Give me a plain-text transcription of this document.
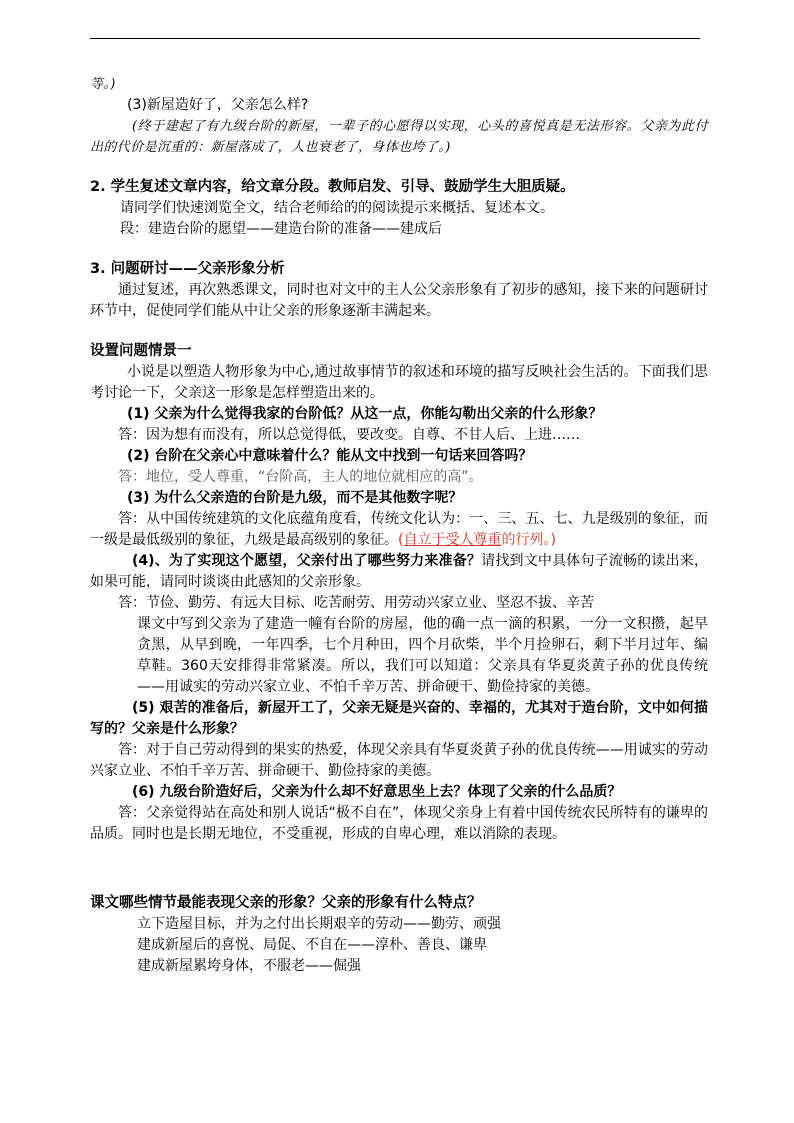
等。)

(3)新屋造好了，父亲怎么样?

(终于建起了有九级台阶的新屋，一辈子的心愿得以实现，心头的喜悦真是无法形容。父亲为此付出的代价是沉重的：新屋落成了，人也衰老了，身体也垮了。)

2. 学生复述文章内容，给文章分段。教师启发、引导、鼓励学生大胆质疑。

请同学们快速浏览全文，结合老师给的的阅读提示来概括、复述本文。

段：建造台阶的愿望——建造台阶的准备——建成后

3. 问题研讨——父亲形象分析

通过复述，再次熟悉课文，同时也对文中的主人公父亲形象有了初步的感知，接下来的问题研讨环节中，促使同学们能从中让父亲的形象逐渐丰满起来。

设置问题情景一

小说是以塑造人物形象为中心,通过故事情节的叙述和环境的描写反映社会生活的。下面我们思考讨论一下，父亲这一形象是怎样塑造出来的。

(1) 父亲为什么觉得我家的台阶低？从这一点，你能勾勒出父亲的什么形象？

答：因为想有而没有，所以总觉得低，要改变。自尊、不甘人后、上进……

(2) 台阶在父亲心中意味着什么？能从文中找到一句话来回答吗？

答：地位，受人尊重，“台阶高，主人的地位就相应的高”。

(3) 为什么父亲造的台阶是九级，而不是其他数字呢？

答：从中国传统建筑的文化底蕴角度看，传统文化认为：一、三、五、七、九是级别的象征，而一级是最低级别的象征，九级是最高级别的象征。(自立于受人尊重的行列。)

(4)、为了实现这个愿望，父亲付出了哪些努力来准备？请找到文中具体句子流畅的读出来，如果可能，请同时谈谈由此感知的父亲形象。

答：节俭、勤劳、有远大目标、吃苦耐劳、用劳动兴家立业、坚忍不拔、辛苦

课文中写到父亲为了建造一幢有台阶的房屋，他的确一点一滴的积累，一分一文积攒，起早贪黑，从早到晚，一年四季，七个月种田，四个月砍柴，半个月捡卵石，剩下半月过年、编草鞋。360天安排得非常紧凑。所以，我们可以知道：父亲具有华夏炎黄子孙的优良传统——用诚实的劳动兴家立业、不怕千辛万苦、拼命硬干、勤俭持家的美德。

(5) 艰苦的准备后，新屋开工了，父亲无疑是兴奋的、幸福的，尤其对于造台阶，文中如何描写的？父亲是什么形象？

答：对于自己劳动得到的果实的热爱，体现父亲具有华夏炎黄子孙的优良传统——用诚实的劳动兴家立业、不怕千辛万苦、拼命硬干、勤俭持家的美德。

(6) 九级台阶造好后，父亲为什么却不好意思坐上去？体现了父亲的什么品质？

答：父亲觉得站在高处和别人说话“极不自在”，体现父亲身上有着中国传统农民所特有的谦卑的品质。同时也是长期无地位，不受重视，形成的自卑心理，难以消除的表现。

课文哪些情节最能表现父亲的形象？父亲的形象有什么特点？

立下造屋目标，并为之付出长期艰辛的劳动——勤劳、顽强

建成新屋后的喜悦、局促、不自在——淳朴、善良、谦卑

建成新屋累垮身体，不服老——倔强
